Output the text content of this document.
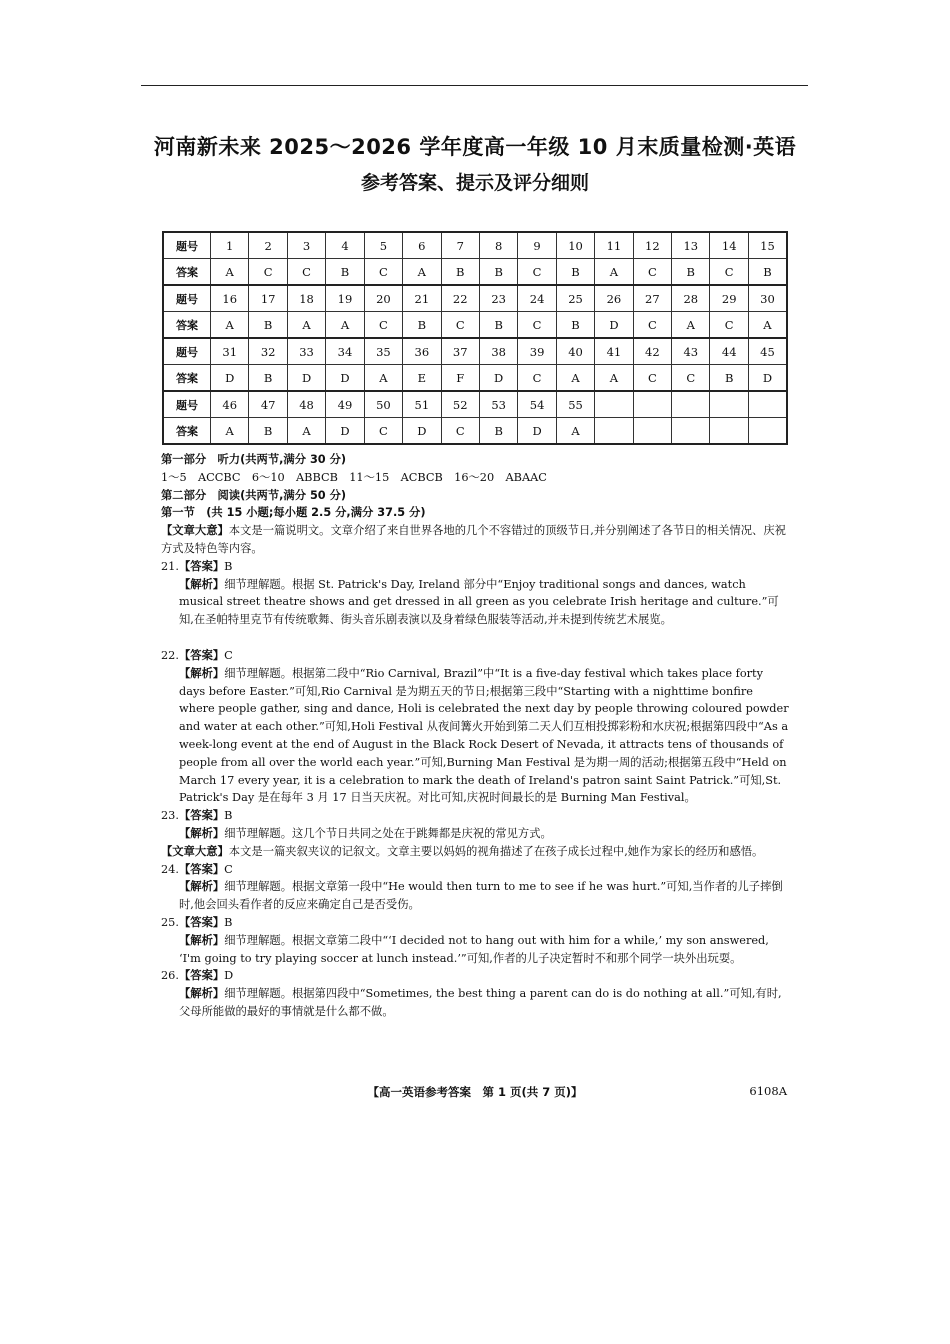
河南新未来 2025～2026 学年度高一年级 10 月末质量检测·英语
参考答案、提示及评分细则
题号	1	2	3	4	5	6	7	8	9	10	11	12	13	14	15
答案	A	C	C	B	C	A	B	B	C	B	A	C	B	C	B
题号	16	17	18	19	20	21	22	23	24	25	26	27	28	29	30
答案	A	B	A	A	C	B	C	B	C	B	D	C	A	C	A
题号	31	32	33	34	35	36	37	38	39	40	41	42	43	44	45
答案	D	B	D	D	A	E	F	D	C	A	A	C	C	B	D
题号	46	47	48	49	50	51	52	53	54	55					
答案	A	B	A	D	C	D	C	B	D	A					

第一部分　听力(共两节,满分 30 分)

1～5　ACCBC　6～10　ABBCB　11～15　ACBCB　16～20　ABAAC

第二部分　阅读(共两节,满分 50 分)

第一节　(共 15 小题;每小题 2.5 分,满分 37.5 分)

【文章大意】本文是一篇说明文。文章介绍了来自世界各地的几个不容错过的顶级节日,并分别阐述了各节日的相关情况、庆祝方式及特色等内容。

21.【答案】B

【解析】细节理解题。根据 St. Patrick's Day, Ireland 部分中“Enjoy traditional songs and dances, watch musical street theatre shows and get dressed in all green as you celebrate Irish heritage and culture.”可知,在圣帕特里克节有传统歌舞、街头音乐剧表演以及身着绿色服装等活动,并未提到传统艺术展览。

22.【答案】C

【解析】细节理解题。根据第二段中“Rio Carnival, Brazil”中“It is a five-day festival which takes place forty days before Easter.”可知,Rio Carnival 是为期五天的节日;根据第三段中“Starting with a nighttime bonfire where people gather, sing and dance, Holi is celebrated the next day by people throwing coloured powder and water at each other.”可知,Holi Festival 从夜间篝火开始到第二天人们互相投掷彩粉和水庆祝;根据第四段中“As a week-long event at the end of August in the Black Rock Desert of Nevada, it attracts tens of thousands of people from all over the world each year.”可知,Burning Man Festival 是为期一周的活动;根据第五段中“Held on March 17 every year, it is a celebration to mark the death of Ireland's patron saint Saint Patrick.”可知,St. Patrick's Day 是在每年 3 月 17 日当天庆祝。对比可知,庆祝时间最长的是 Burning Man Festival。

23.【答案】B

【解析】细节理解题。这几个节日共同之处在于跳舞都是庆祝的常见方式。

【文章大意】本文是一篇夹叙夹议的记叙文。文章主要以妈妈的视角描述了在孩子成长过程中,她作为家长的经历和感悟。

24.【答案】C

【解析】细节理解题。根据文章第一段中“He would then turn to me to see if he was hurt.”可知,当作者的儿子摔倒时,他会回头看作者的反应来确定自己是否受伤。

25.【答案】B

【解析】细节理解题。根据文章第二段中“‘I decided not to hang out with him for a while,’ my son answered, ‘I'm going to try playing soccer at lunch instead.’”可知,作者的儿子决定暂时不和那个同学一块外出玩耍。

26.【答案】D

【解析】细节理解题。根据第四段中“Sometimes, the best thing a parent can do is do nothing at all.”可知,有时,父母所能做的最好的事情就是什么都不做。

【高一英语参考答案　第 1 页(共 7 页)】	6108A
